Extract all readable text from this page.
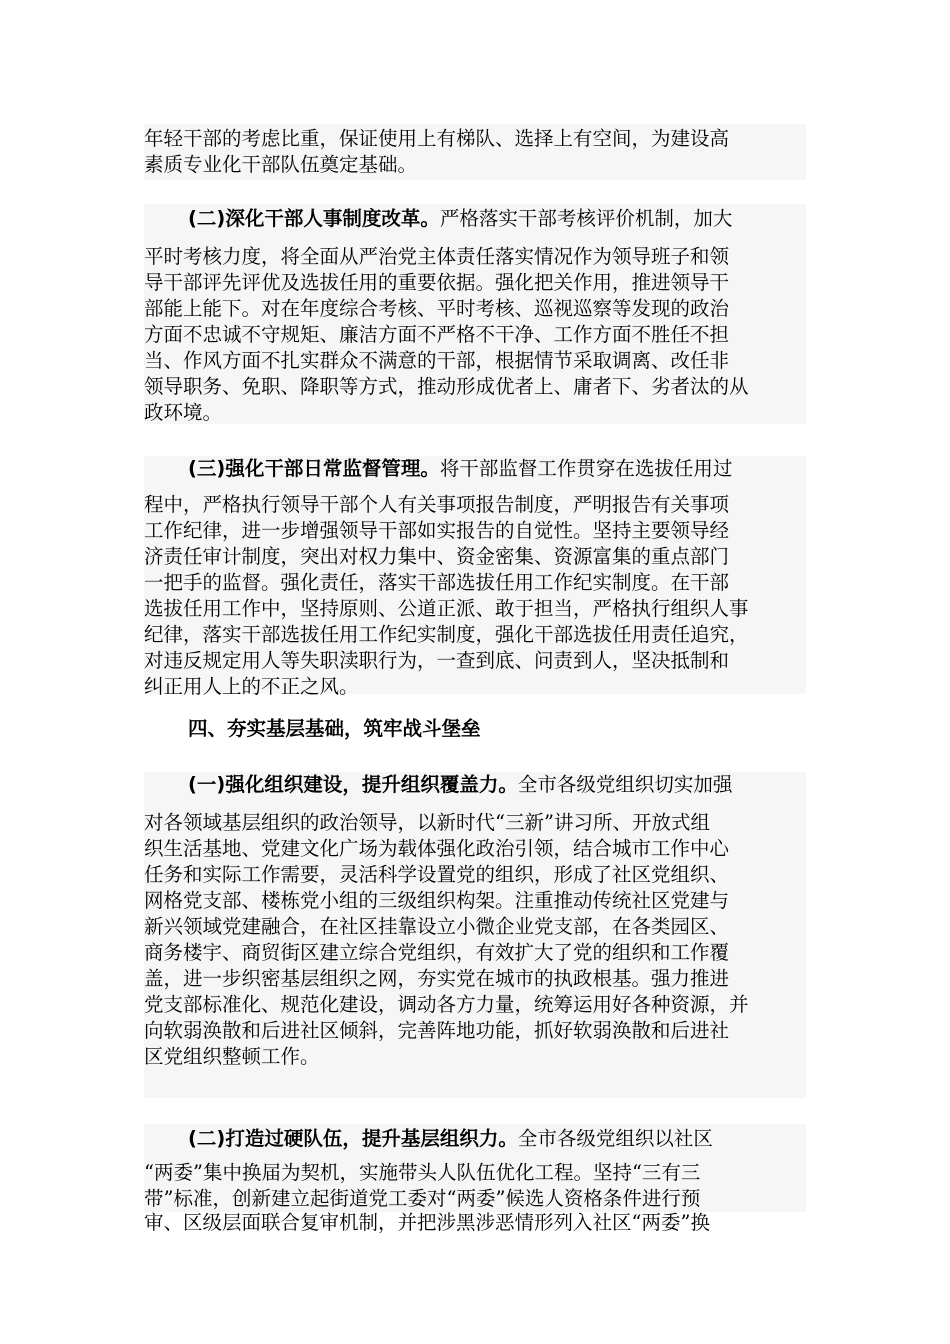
年轻干部的考虑比重，保证使用上有梯队、选择上有空间，为建设高
素质专业化干部队伍奠定基础。
(二)深化干部人事制度改革。严格落实干部考核评价机制，加大
平时考核力度，将全面从严治党主体责任落实情况作为领导班子和领
导干部评先评优及选拔任用的重要依据。强化把关作用，推进领导干
部能上能下。对在年度综合考核、平时考核、巡视巡察等发现的政治
方面不忠诚不守规矩、廉洁方面不严格不干净、工作方面不胜任不担
当、作风方面不扎实群众不满意的干部，根据情节采取调离、改任非
领导职务、免职、降职等方式，推动形成优者上、庸者下、劣者汰的从
政环境。
(三)强化干部日常监督管理。将干部监督工作贯穿在选拔任用过
程中，严格执行领导干部个人有关事项报告制度，严明报告有关事项
工作纪律，进一步增强领导干部如实报告的自觉性。坚持主要领导经
济责任审计制度，突出对权力集中、资金密集、资源富集的重点部门
一把手的监督。强化责任，落实干部选拔任用工作纪实制度。在干部
选拔任用工作中，坚持原则、公道正派、敢于担当，严格执行组织人事
纪律，落实干部选拔任用工作纪实制度，强化干部选拔任用责任追究，
对违反规定用人等失职渎职行为，一查到底、问责到人，坚决抵制和
纠正用人上的不正之风。
四、夯实基层基础，筑牢战斗堡垒
(一)强化组织建设，提升组织覆盖力。全市各级党组织切实加强
对各领域基层组织的政治领导，以新时代“三新”讲习所、开放式组
织生活基地、党建文化广场为载体强化政治引领，结合城市工作中心
任务和实际工作需要，灵活科学设置党的组织，形成了社区党组织、
网格党支部、楼栋党小组的三级组织构架。注重推动传统社区党建与
新兴领域党建融合，在社区挂靠设立小微企业党支部，在各类园区、
商务楼宇、商贸街区建立综合党组织，有效扩大了党的组织和工作覆
盖，进一步织密基层组织之网，夯实党在城市的执政根基。强力推进
党支部标准化、规范化建设，调动各方力量，统筹运用好各种资源，并
向软弱涣散和后进社区倾斜，完善阵地功能，抓好软弱涣散和后进社
区党组织整顿工作。
(二)打造过硬队伍，提升基层组织力。全市各级党组织以社区
“两委”集中换届为契机，实施带头人队伍优化工程。坚持“三有三
带”标准，创新建立起街道党工委对“两委”候选人资格条件进行预
审、区级层面联合复审机制，并把涉黑涉恶情形列入社区“两委”换
